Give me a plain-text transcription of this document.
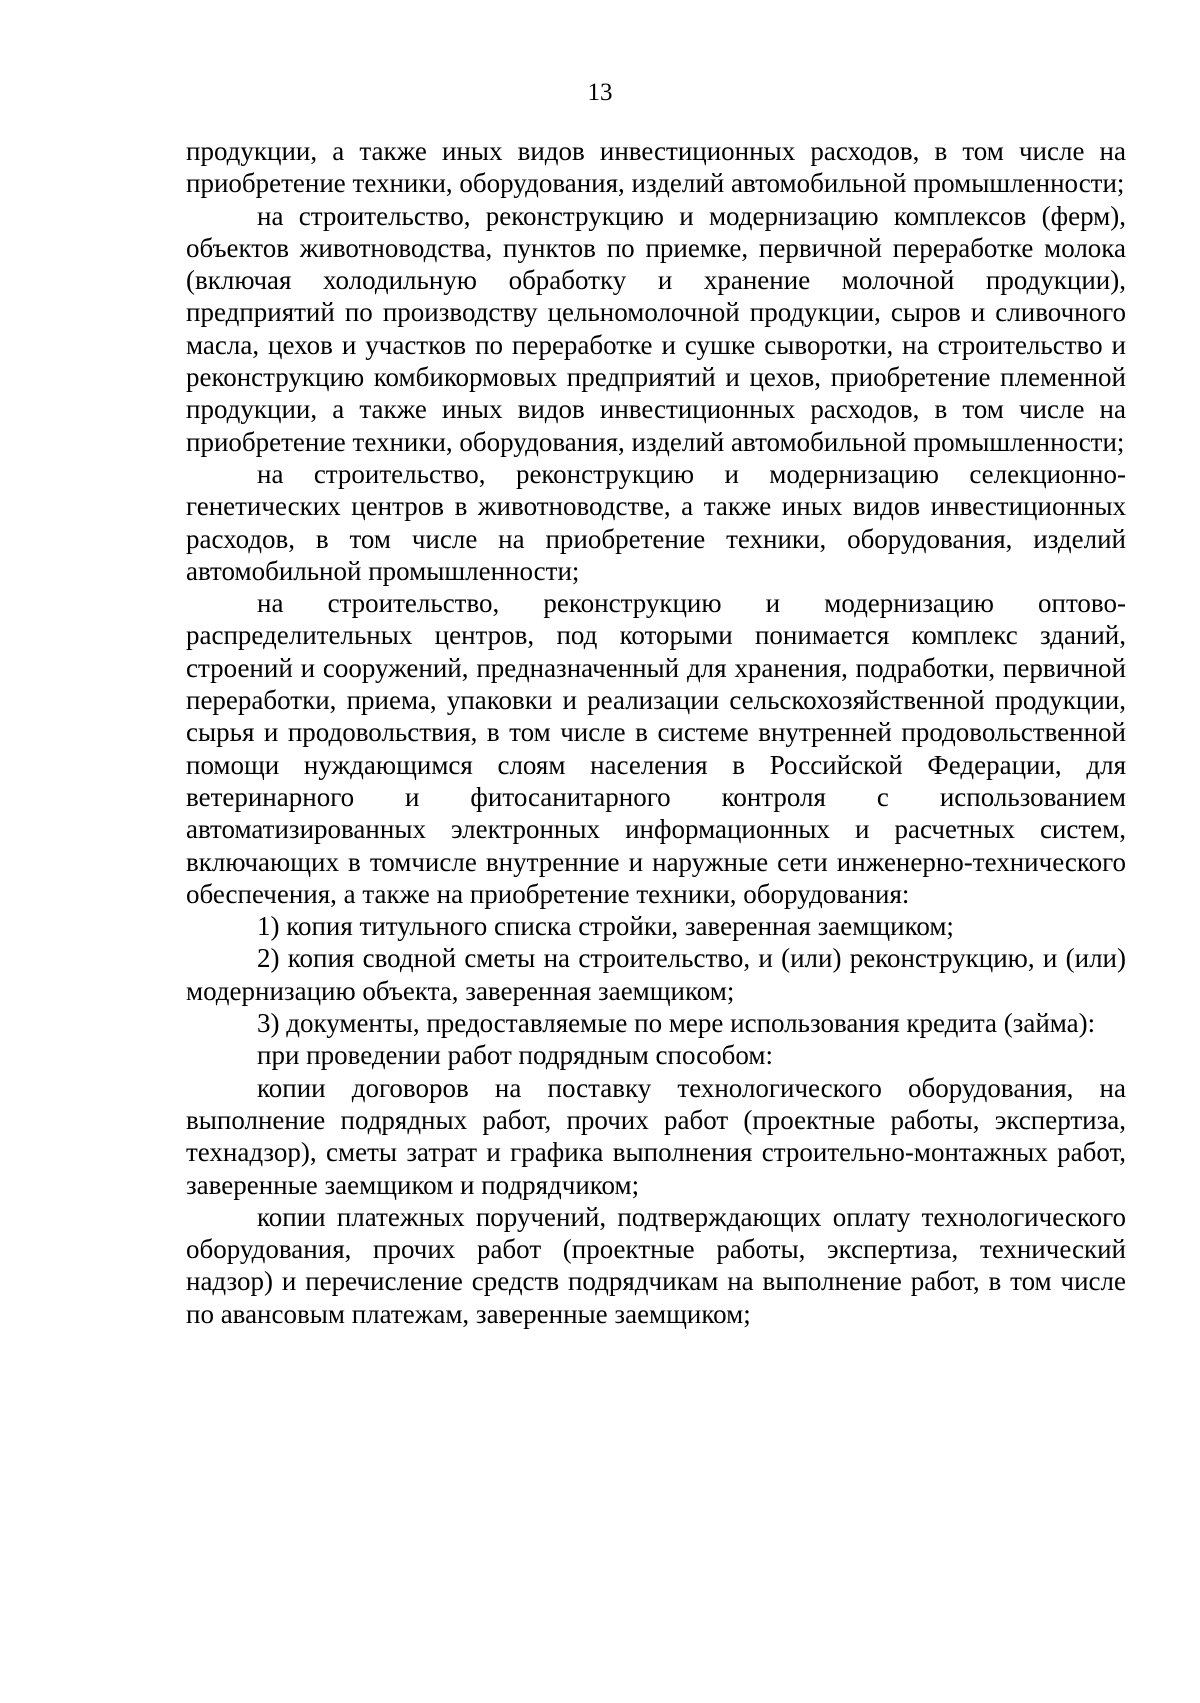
13

продукции, а также иных видов инвестиционных расходов, в том числе на приобретение техники, оборудования, изделий автомобильной промышленности;

на строительство, реконструкцию и модернизацию комплексов (ферм), объектов животноводства, пунктов по приемке, первичной переработке молока (включая холодильную обработку и хранение молочной продукции), предприятий по производству цельномолочной продукции, сыров и сливочного масла, цехов и участков по переработке и сушке сыворотки, на строительство и реконструкцию комбикормовых предприятий и цехов, приобретение племенной продукции, а также иных видов инвестиционных расходов, в том числе на приобретение техники, оборудования, изделий автомобильной промышленности;

на строительство, реконструкцию и модернизацию селекционно-генетических центров в животноводстве, а также иных видов инвестиционных расходов, в том числе на приобретение техники, оборудования, изделий автомобильной промышленности;

на строительство, реконструкцию и модернизацию оптово-распределительных центров, под которыми понимается комплекс зданий, строений и сооружений, предназначенный для хранения, подработки, первичной переработки, приема, упаковки и реализации сельскохозяйственной продукции, сырья и продовольствия, в том числе в системе внутренней продовольственной помощи нуждающимся слоям населения в Российской Федерации, для ветеринарного и фитосанитарного контроля с использованием автоматизированных электронных информационных и расчетных систем, включающих в томчисле внутренние и наружные сети инженерно-технического обеспечения, а также на приобретение техники, оборудования:

1) копия титульного списка стройки, заверенная заемщиком;

2) копия сводной сметы на строительство, и (или) реконструкцию, и (или) модернизацию объекта, заверенная заемщиком;

3) документы, предоставляемые по мере использования кредита (займа):

при проведении работ подрядным способом:

копии договоров на поставку технологического оборудования, на выполнение подрядных работ, прочих работ (проектные работы, экспертиза, технадзор), сметы затрат и графика выполнения строительно-монтажных работ, заверенные заемщиком и подрядчиком;

копии платежных поручений, подтверждающих оплату технологического оборудования, прочих работ (проектные работы, экспертиза, технический надзор) и перечисление средств подрядчикам на выполнение работ, в том числе по авансовым платежам, заверенные заемщиком;
